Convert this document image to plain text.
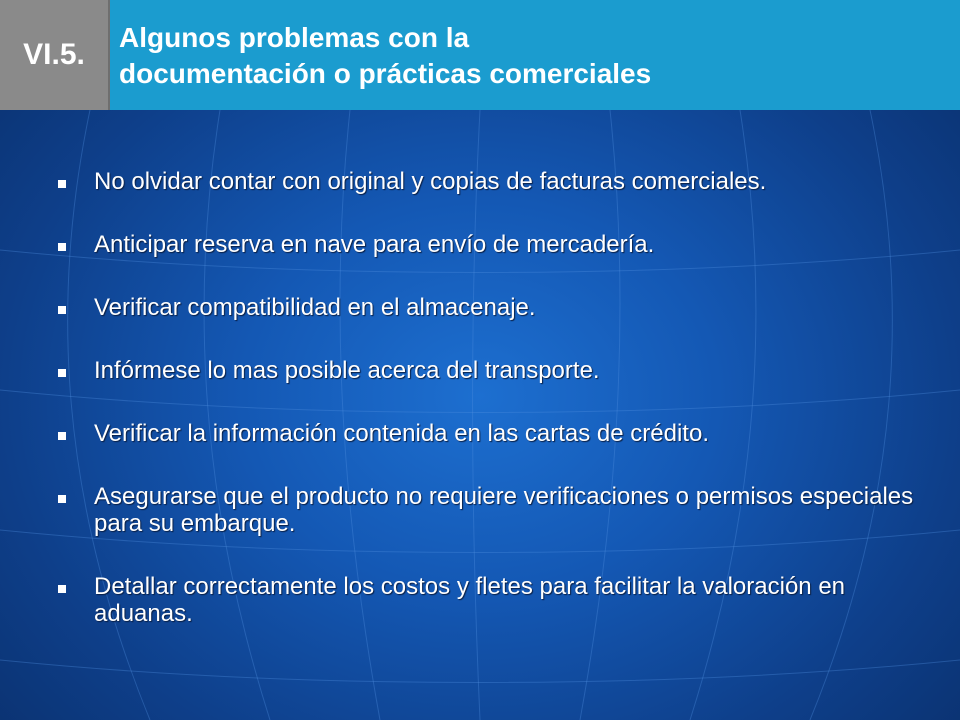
VI.5.
Algunos problemas con la
documentación o prácticas comerciales
No olvidar contar con original y copias de facturas comerciales.
Anticipar reserva en nave para envío de mercadería.
Verificar compatibilidad en el almacenaje.
Infórmese lo mas posible acerca del transporte.
Verificar la información contenida en las cartas de crédito.
Asegurarse que el producto no requiere verificaciones o permisos especiales para su embarque.
Detallar correctamente los costos y fletes para facilitar la valoración en aduanas.
